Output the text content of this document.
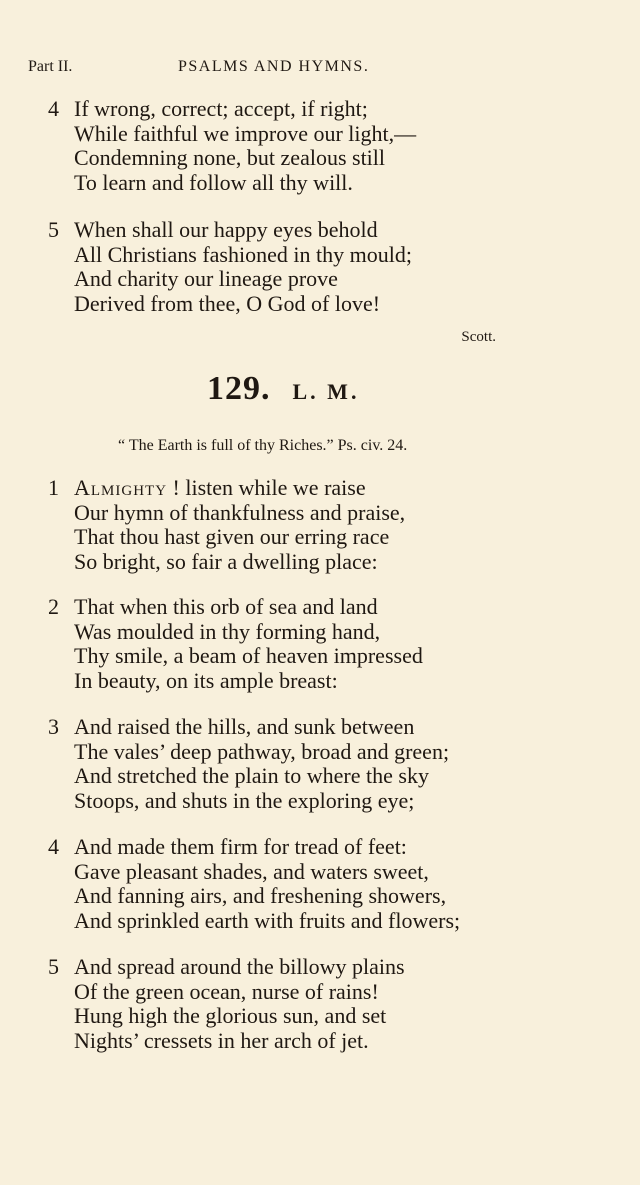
Part II.	PSALMS AND HYMNS.
4 If wrong, correct; accept, if right;
While faithful we improve our light,—
Condemning none, but zealous still
To learn and follow all thy will.
5 When shall our happy eyes behold
All Christians fashioned in thy mould;
And charity our lineage prove
Derived from thee, O God of love!
Scott.
129. L. M.
“ The Earth is full of thy Riches.” Ps. civ. 24.
1 Almighty ! listen while we raise
Our hymn of thankfulness and praise,
That thou hast given our erring race
So bright, so fair a dwelling place:
2 That when this orb of sea and land
Was moulded in thy forming hand,
Thy smile, a beam of heaven impressed
In beauty, on its ample breast:
3 And raised the hills, and sunk between
The vales’ deep pathway, broad and green;
And stretched the plain to where the sky
Stoops, and shuts in the exploring eye;
4 And made them firm for tread of feet:
Gave pleasant shades, and waters sweet,
And fanning airs, and freshening showers,
And sprinkled earth with fruits and flowers;
5 And spread around the billowy plains
Of the green ocean, nurse of rains!
Hung high the glorious sun, and set
Nights’ cressets in her arch of jet.
